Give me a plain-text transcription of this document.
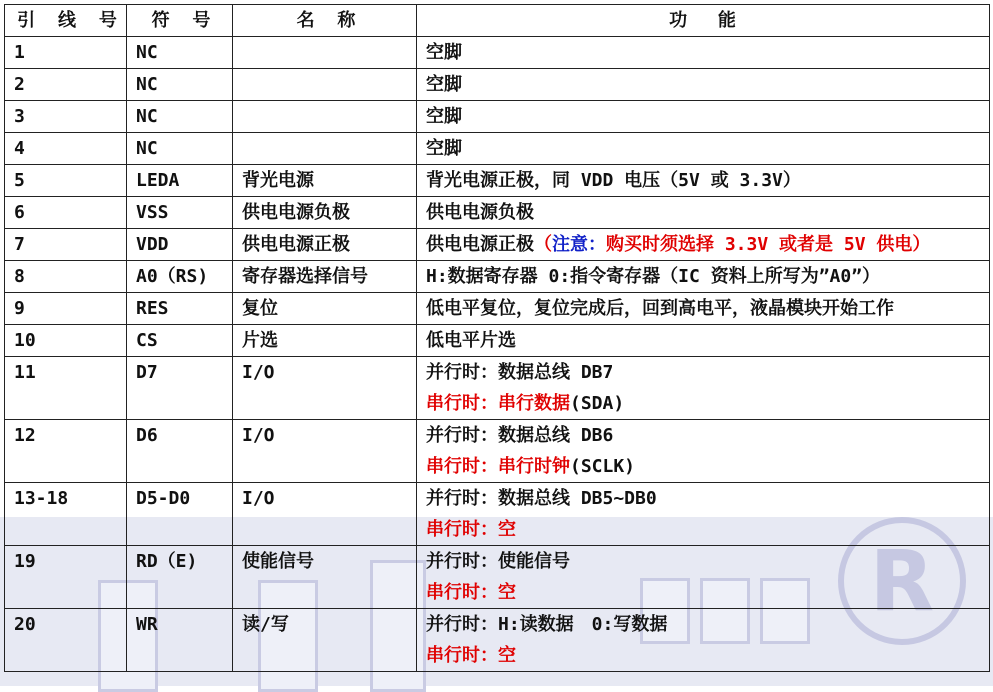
R
引 线 号	符 号	名 称	功 能
1	NC		空脚
2	NC		空脚
3	NC		空脚
4	NC		空脚
5	LEDA	背光电源	背光电源正极，同 VDD 电压（5V 或 3.3V）
6	VSS	供电电源负极	供电电源负极
7	VDD	供电电源正极	供电电源正极（注意：购买时须选择 3.3V 或者是 5V 供电）
8	A0（RS)	寄存器选择信号	H:数据寄存器 0:指令寄存器（IC 资料上所写为”A0”）
9	RES	复位	低电平复位，复位完成后，回到高电平，液晶模块开始工作
10	CS	片选	低电平片选
11	D7	I/O	并行时：数据总线 DB7
串行时：串行数据(SDA)

12	D6	I/O	并行时：数据总线 DB6
串行时：串行时钟(SCLK)

13-18	D5-D0	I/O	并行时：数据总线 DB5~DB0
串行时：空

19	RD（E)	使能信号	并行时：使能信号
串行时：空

20	WR	读/写	并行时：H:读数据　0:写数据
串行时：空
